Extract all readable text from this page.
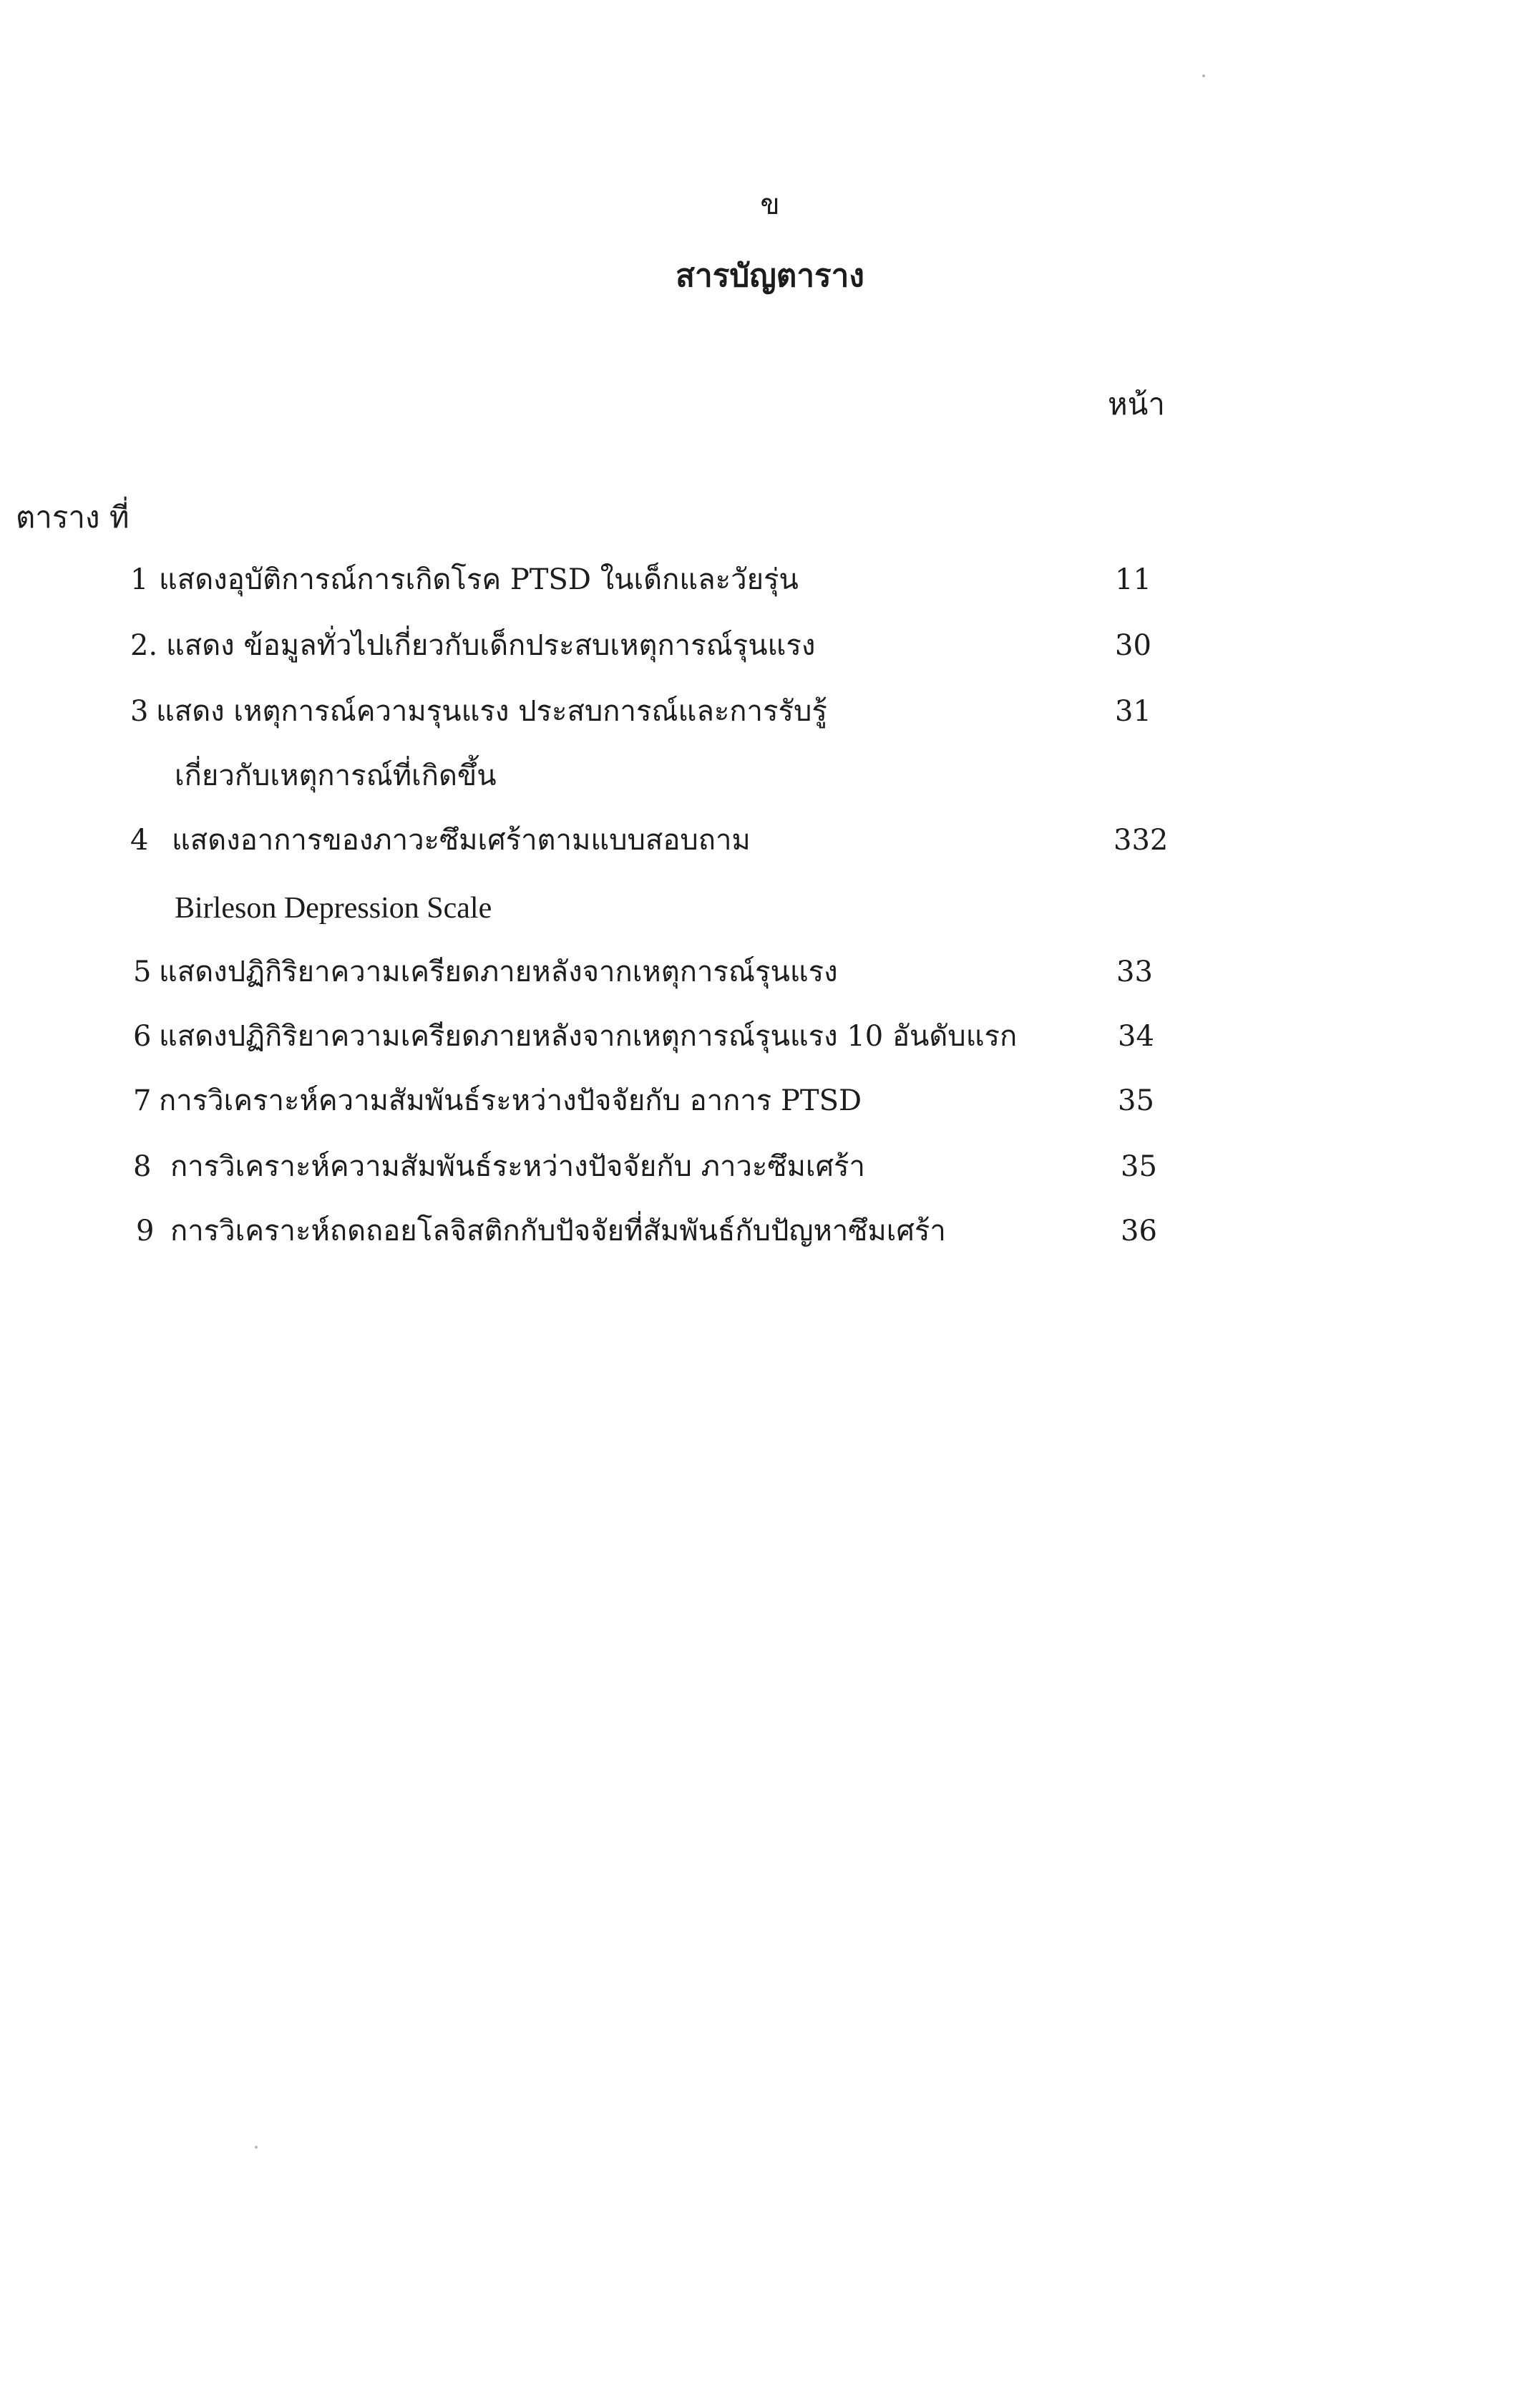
ข
สารบัญตาราง
หน้า
ตาราง ที่
1 แสดงอุบัติการณ์การเกิดโรค PTSD ในเด็กและวัยรุ่น	11
2. แสดง ข้อมูลทั่วไปเกี่ยวกับเด็กประสบเหตุการณ์รุนแรง	30
3 แสดง เหตุการณ์ความรุนแรง ประสบการณ์และการรับรู้	31
เกี่ยวกับเหตุการณ์ที่เกิดขึ้น
4 แสดงอาการของภาวะซึมเศร้าตามแบบสอบถาม	332
Birleson Depression Scale
5 แสดงปฏิกิริยาความเครียดภายหลังจากเหตุการณ์รุนแรง	33
6 แสดงปฏิกิริยาความเครียดภายหลังจากเหตุการณ์รุนแรง 10 อันดับแรก	34
7 การวิเคราะห์ความสัมพันธ์ระหว่างปัจจัยกับ อาการ PTSD	35
8 การวิเคราะห์ความสัมพันธ์ระหว่างปัจจัยกับ ภาวะซึมเศร้า	35
9 การวิเคราะห์ถดถอยโลจิสติกกับปัจจัยที่สัมพันธ์กับปัญหาซึมเศร้า	36
